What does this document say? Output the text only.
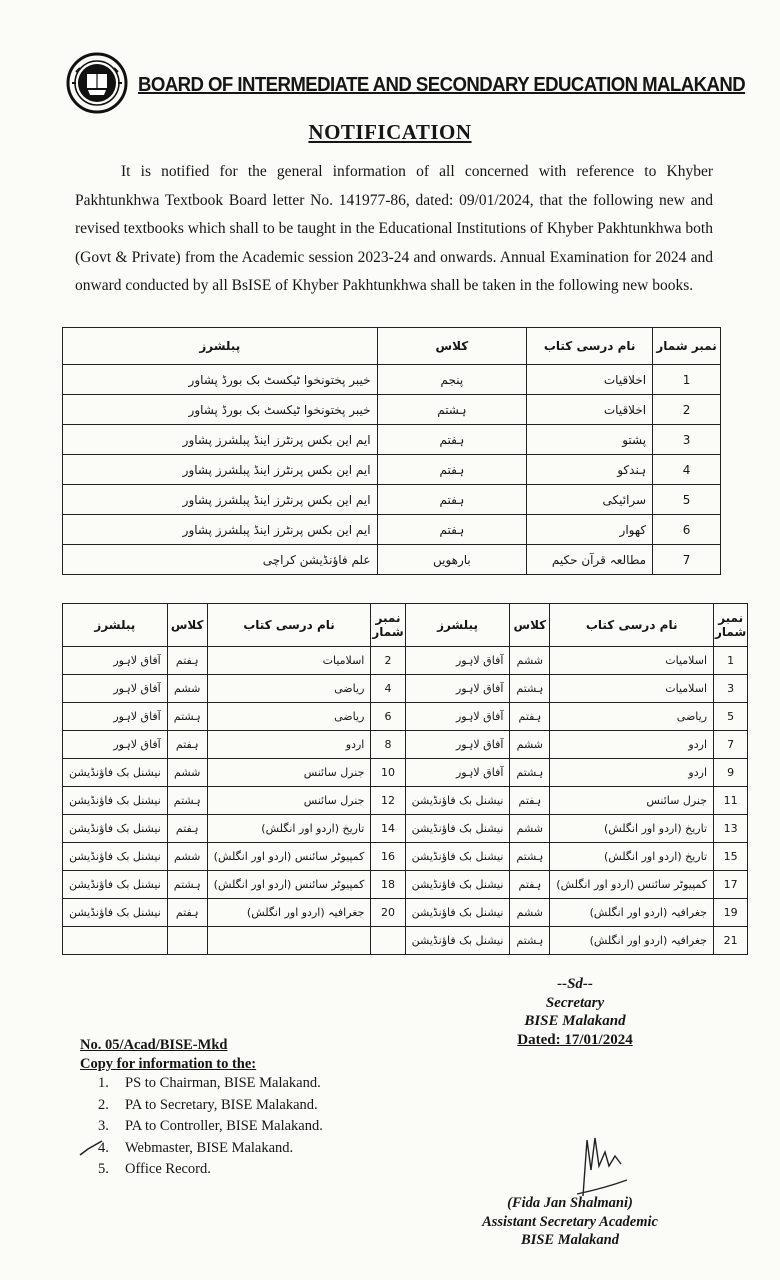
BOARD OF INTERMEDIATE AND SECONDARY EDUCATION MALAKAND
NOTIFICATION
It is notified for the general information of all concerned with reference to Khyber Pakhtunkhwa Textbook Board letter No. 141977-86, dated: 09/01/2024, that the following new and revised textbooks which shall to be taught in the Educational Institutions of Khyber Pakhtunkhwa both (Govt & Private) from the Academic session 2023-24 and onwards. Annual Examination for 2024 and onward conducted by all BsISE of Khyber Pakhtunkhwa shall be taken in the following new books.
پبلشرز	کلاس	نام درسی کتاب	نمبر شمار
خیبر پختونخوا ٹیکسٹ بک بورڈ پشاور	پنجم	اخلاقیات	1
خیبر پختونخوا ٹیکسٹ بک بورڈ پشاور	ہشتم	اخلاقیات	2
ایم این بکس پرنٹرز اینڈ پبلشرز پشاور	ہفتم	پشتو	3
ایم این بکس پرنٹرز اینڈ پبلشرز پشاور	ہفتم	ہندکو	4
ایم این بکس پرنٹرز اینڈ پبلشرز پشاور	ہفتم	سرائیکی	5
ایم این بکس پرنٹرز اینڈ پبلشرز پشاور	ہفتم	کھوار	6
علم فاؤنڈیشن کراچی	بارھویں	مطالعہ قرآن حکیم	7
پبلشرز	کلاس	نام درسی کتاب	نمبر شمار	پبلشرز	کلاس	نام درسی کتاب	نمبر شمار
آفاق لاہور	ہفتم	اسلامیات	2	آفاق لاہور	ششم	اسلامیات	1
آفاق لاہور	ششم	ریاضی	4	آفاق لاہور	ہشتم	اسلامیات	3
آفاق لاہور	ہشتم	ریاضی	6	آفاق لاہور	ہفتم	ریاضی	5
آفاق لاہور	ہفتم	اردو	8	آفاق لاہور	ششم	اردو	7
نیشنل بک فاؤنڈیشن	ششم	جنرل سائنس	10	آفاق لاہور	ہشتم	اردو	9
نیشنل بک فاؤنڈیشن	ہشتم	جنرل سائنس	12	نیشنل بک فاؤنڈیشن	ہفتم	جنرل سائنس	11
نیشنل بک فاؤنڈیشن	ہفتم	تاریخ (اردو اور انگلش)	14	نیشنل بک فاؤنڈیشن	ششم	تاریخ (اردو اور انگلش)	13
نیشنل بک فاؤنڈیشن	ششم	کمپیوٹر سائنس (اردو اور انگلش)	16	نیشنل بک فاؤنڈیشن	ہشتم	تاریخ (اردو اور انگلش)	15
نیشنل بک فاؤنڈیشن	ہشتم	کمپیوٹر سائنس (اردو اور انگلش)	18	نیشنل بک فاؤنڈیشن	ہفتم	کمپیوٹر سائنس (اردو اور انگلش)	17
نیشنل بک فاؤنڈیشن	ہفتم	جغرافیہ (اردو اور انگلش)	20	نیشنل بک فاؤنڈیشن	ششم	جغرافیہ (اردو اور انگلش)	19
				نیشنل بک فاؤنڈیشن	ہشتم	جغرافیہ (اردو اور انگلش)	21
--Sd--
Secretary
BISE Malakand
Dated: 17/01/2024
No. 05/Acad/BISE-Mkd
Copy for information to the:
1. PS to Chairman, BISE Malakand.
2. PA to Secretary, BISE Malakand.
3. PA to Controller, BISE Malakand.
4. Webmaster, BISE Malakand.
5. Office Record.
(Fida Jan Shalmani)
Assistant Secretary Academic
BISE Malakand
